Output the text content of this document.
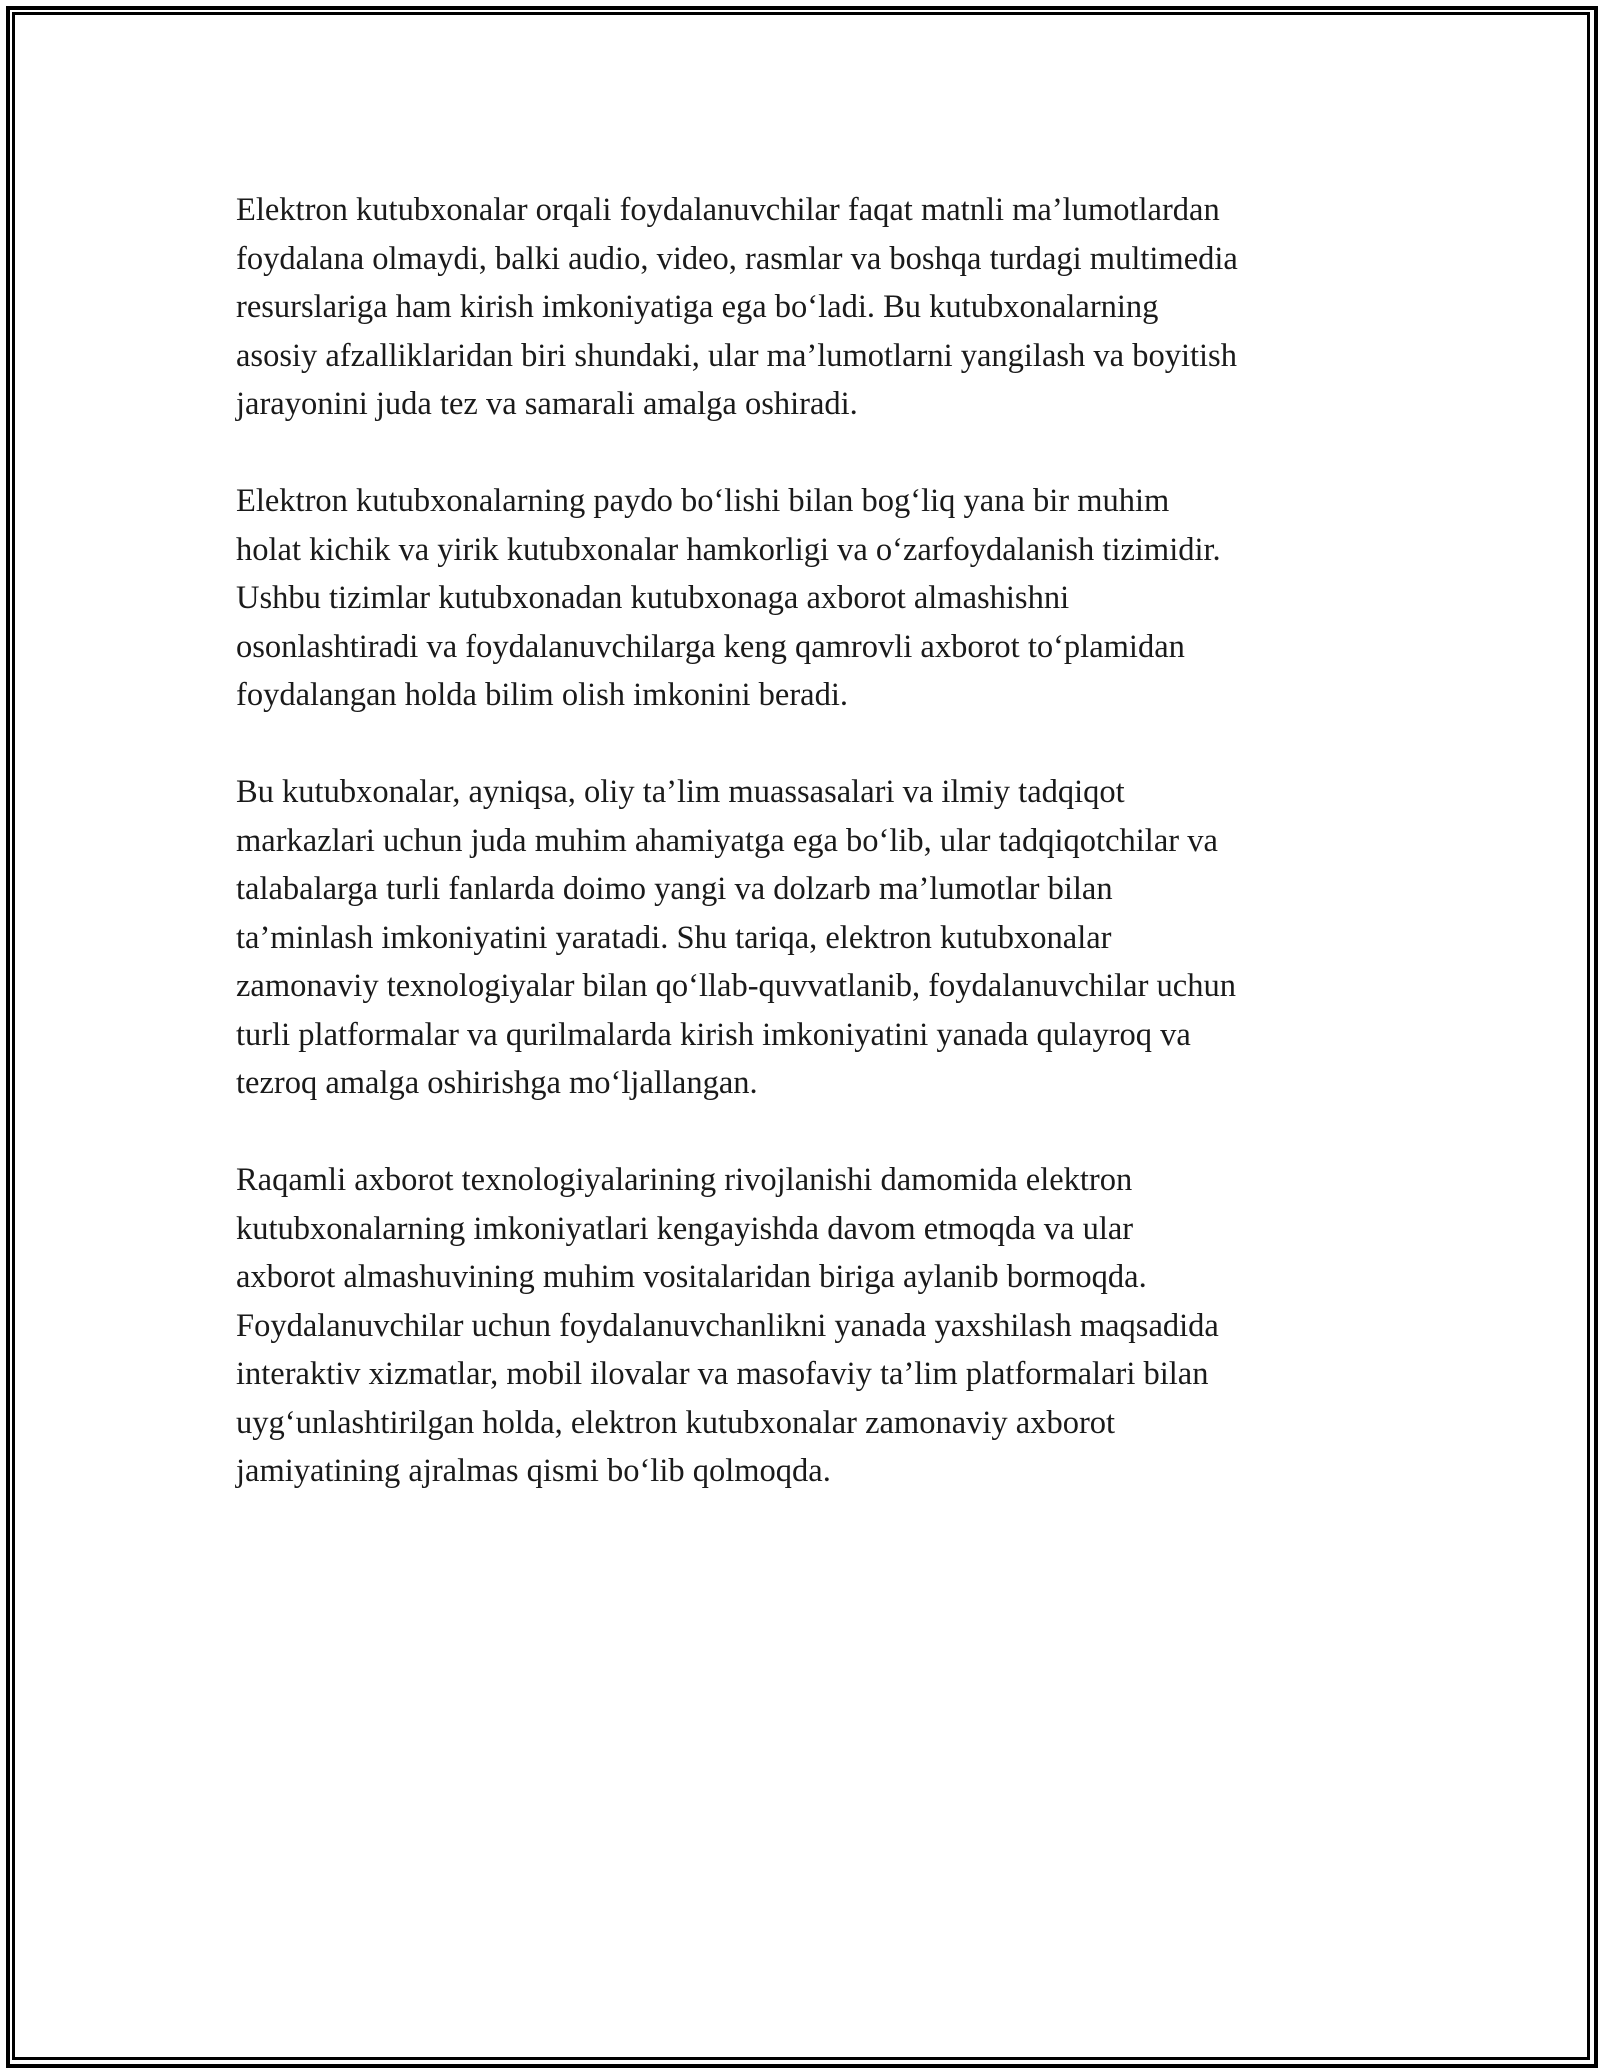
Elektron kutubxonalar orqali foydalanuvchilar faqat matnli ma’lumotlardan
foydalana olmaydi, balki audio, video, rasmlar va boshqa turdagi multimedia
resurslariga ham kirish imkoniyatiga ega bo‘ladi. Bu kutubxonalarning
asosiy afzalliklaridan biri shundaki, ular ma’lumotlarni yangilash va boyitish
jarayonini juda tez va samarali amalga oshiradi.

Elektron kutubxonalarning paydo bo‘lishi bilan bog‘liq yana bir muhim
holat kichik va yirik kutubxonalar hamkorligi va o‘zarfoydalanish tizimidir.
Ushbu tizimlar kutubxonadan kutubxonaga axborot almashishni
osonlashtiradi va foydalanuvchilarga keng qamrovli axborot to‘plamidan
foydalangan holda bilim olish imkonini beradi.

Bu kutubxonalar, ayniqsa, oliy ta’lim muassasalari va ilmiy tadqiqot
markazlari uchun juda muhim ahamiyatga ega bo‘lib, ular tadqiqotchilar va
talabalarga turli fanlarda doimo yangi va dolzarb ma’lumotlar bilan
ta’minlash imkoniyatini yaratadi. Shu tariqa, elektron kutubxonalar
zamonaviy texnologiyalar bilan qo‘llab-quvvatlanib, foydalanuvchilar uchun
turli platformalar va qurilmalarda kirish imkoniyatini yanada qulayroq va
tezroq amalga oshirishga mo‘ljallangan.

Raqamli axborot texnologiyalarining rivojlanishi damomida elektron
kutubxonalarning imkoniyatlari kengayishda davom etmoqda va ular
axborot almashuvining muhim vositalaridan biriga aylanib bormoqda.
Foydalanuvchilar uchun foydalanuvchanlikni yanada yaxshilash maqsadida
interaktiv xizmatlar, mobil ilovalar va masofaviy ta’lim platformalari bilan
uyg‘unlashtirilgan holda, elektron kutubxonalar zamonaviy axborot
jamiyatining ajralmas qismi bo‘lib qolmoqda.
